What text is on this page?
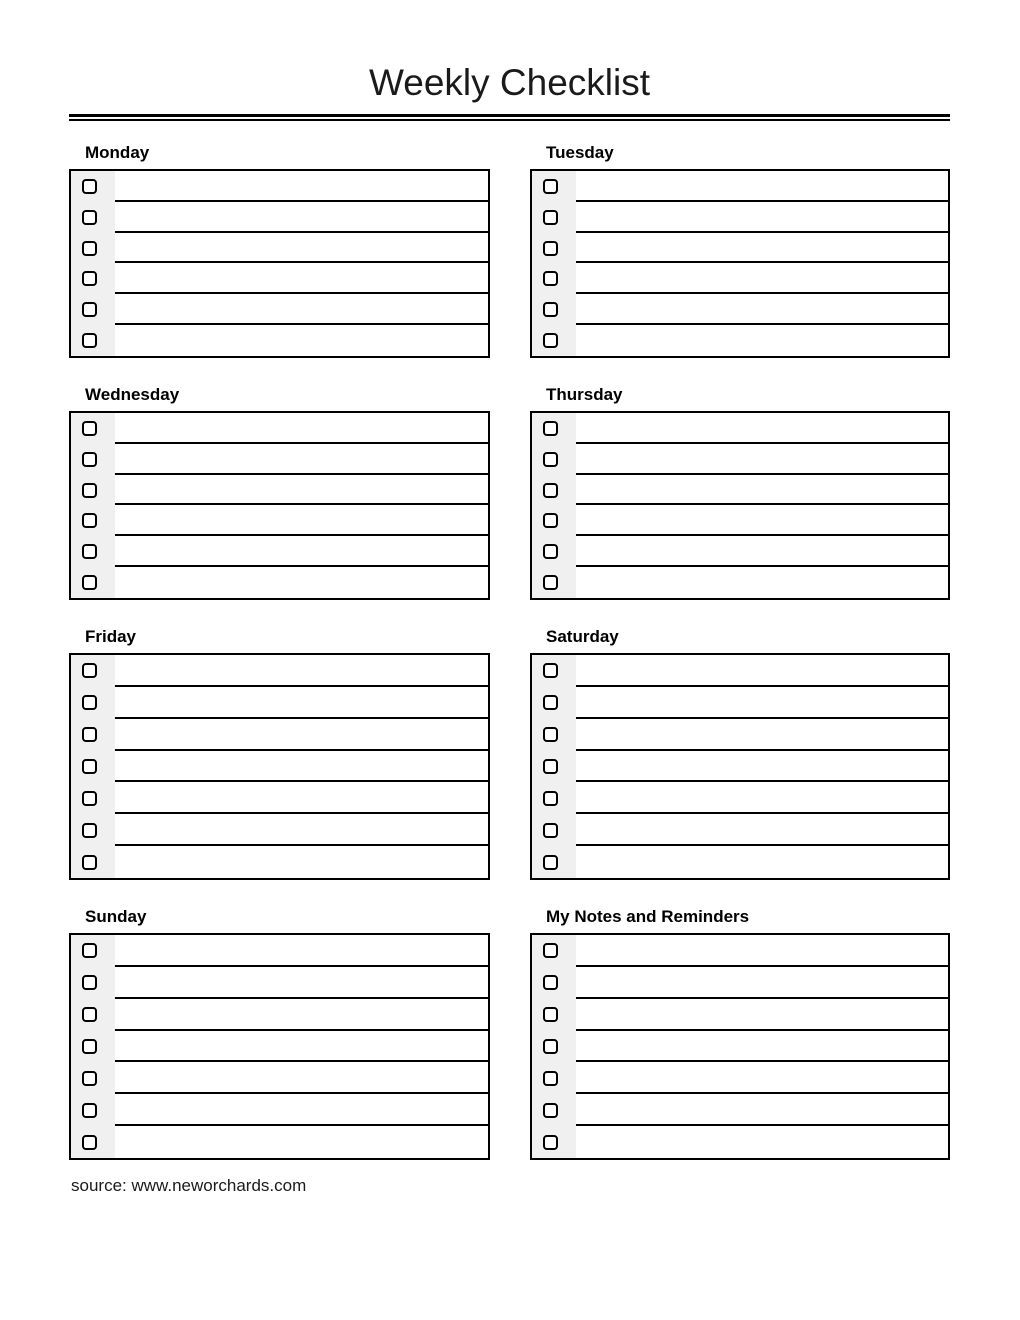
Weekly Checklist
Monday	Tuesday
Wednesday	Thursday
Friday	Saturday
Sunday	My Notes and Reminders
source: www.neworchards.com
